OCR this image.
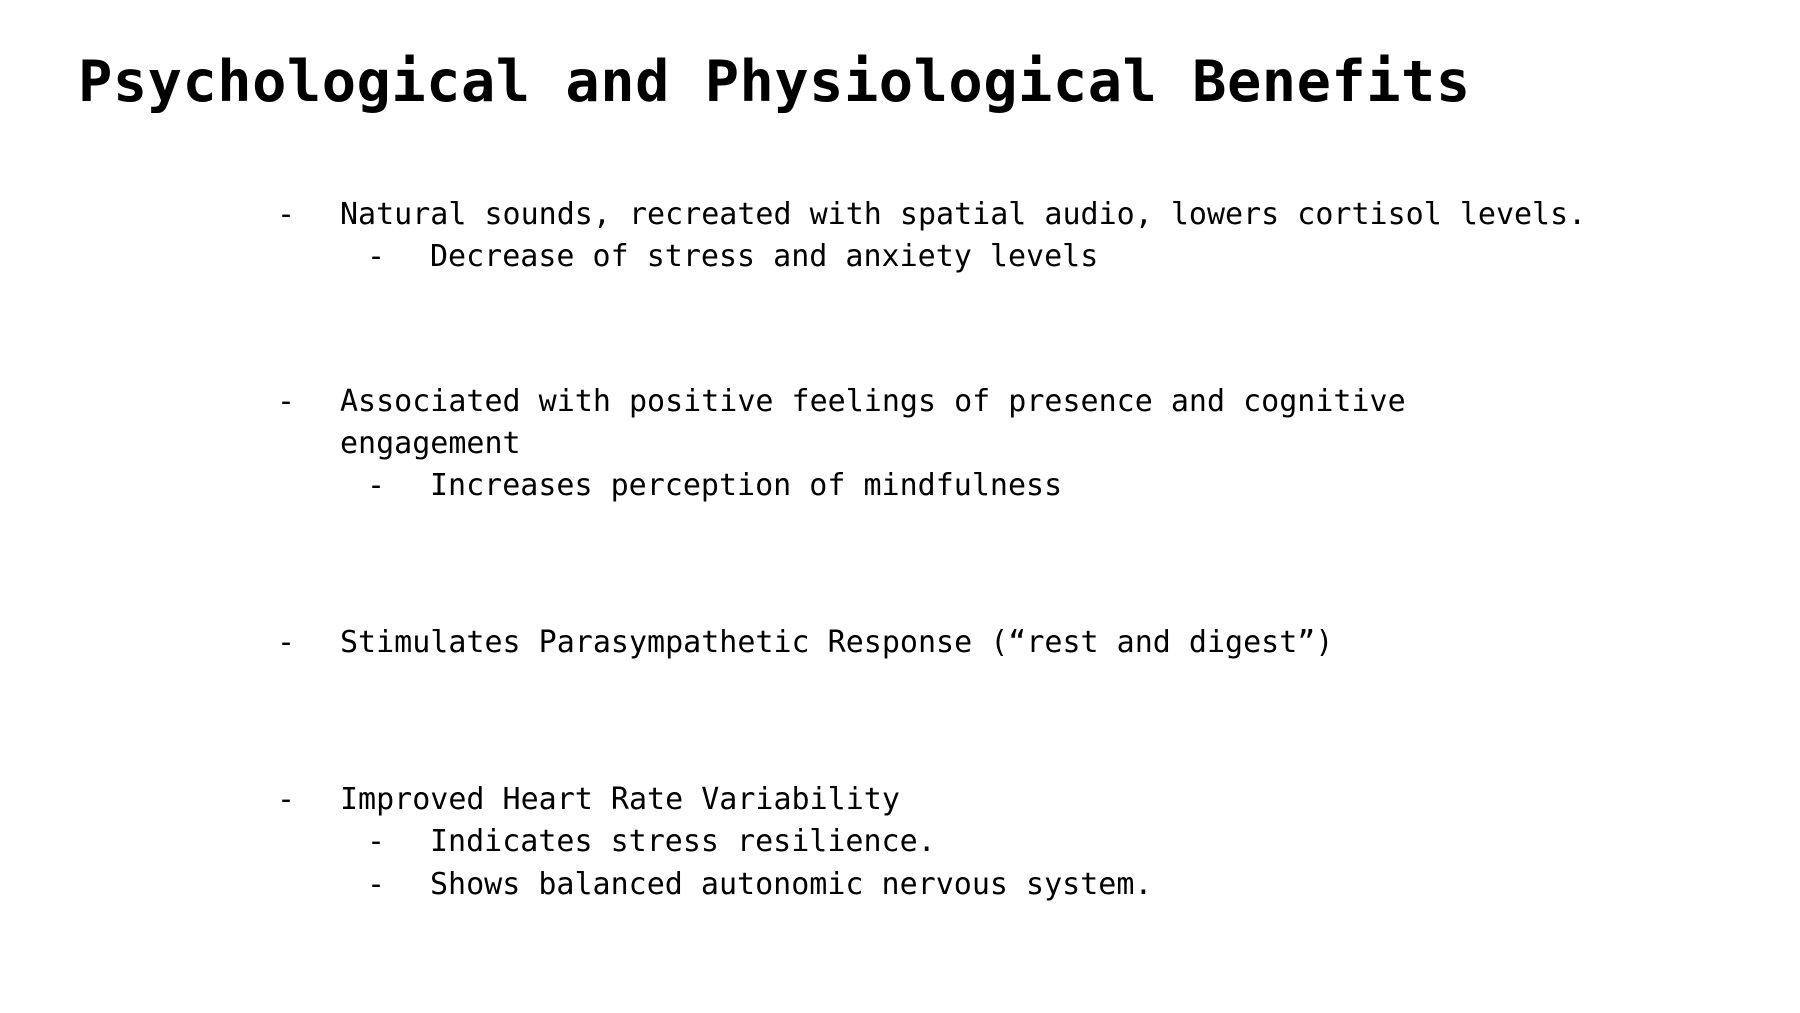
Psychological and Physiological Benefits
- Natural sounds, recreated with spatial audio, lowers cortisol levels.
- Decrease of stress and anxiety levels
- Associated with positive feelings of presence and cognitive
engagement
- Increases perception of mindfulness
- Stimulates Parasympathetic Response (“rest and digest”)
- Improved Heart Rate Variability
- Indicates stress resilience.
- Shows balanced autonomic nervous system.
